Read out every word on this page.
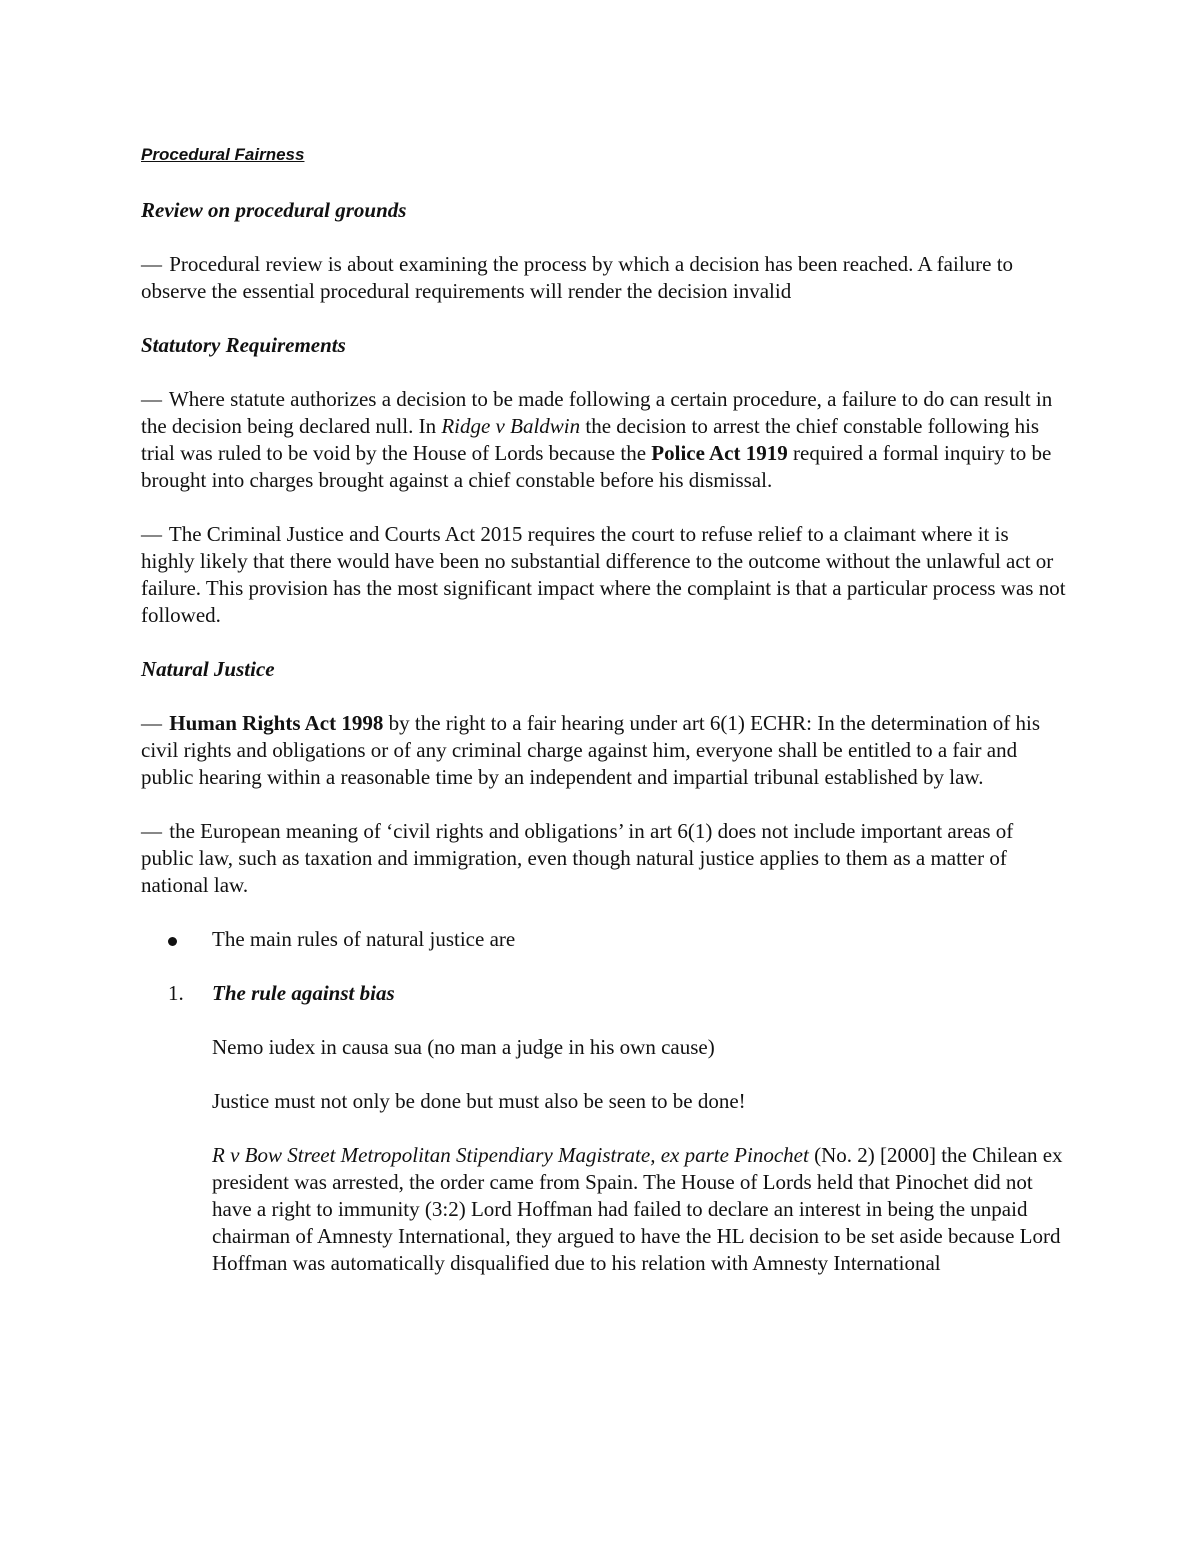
Procedural Fairness

Review on procedural grounds

— Procedural review is about examining the process by which a decision has been reached. A failure to observe the essential procedural requirements will render the decision invalid

Statutory Requirements

— Where statute authorizes a decision to be made following a certain procedure, a failure to do can result in the decision being declared null. In Ridge v Baldwin the decision to arrest the chief constable following his trial was ruled to be void by the House of Lords because the Police Act 1919 required a formal inquiry to be brought into charges brought against a chief constable before his dismissal.

— The Criminal Justice and Courts Act 2015 requires the court to refuse relief to a claimant where it is highly likely that there would have been no substantial difference to the outcome without the unlawful act or failure. This provision has the most significant impact where the complaint is that a particular process was not followed.

Natural Justice

— Human Rights Act 1998 by the right to a fair hearing under art 6(1) ECHR: In the determination of his civil rights and obligations or of any criminal charge against him, everyone shall be entitled to a fair and public hearing within a reasonable time by an independent and impartial tribunal established by law.

— the European meaning of ‘civil rights and obligations’ in art 6(1) does not include important areas of public law, such as taxation and immigration, even though natural justice applies to them as a matter of national law.

The main rules of natural justice are
1.	The rule against bias

Nemo iudex in causa sua (no man a judge in his own cause)

Justice must not only be done but must also be seen to be done!

R v Bow Street Metropolitan Stipendiary Magistrate, ex parte Pinochet (No. 2) [2000] the Chilean ex president was arrested, the order came from Spain. The House of Lords held that Pinochet did not have a right to immunity (3:2) Lord Hoffman had failed to declare an interest in being the unpaid chairman of Amnesty International, they argued to have the HL decision to be set aside because Lord Hoffman was automatically disqualified due to his relation with Amnesty International
